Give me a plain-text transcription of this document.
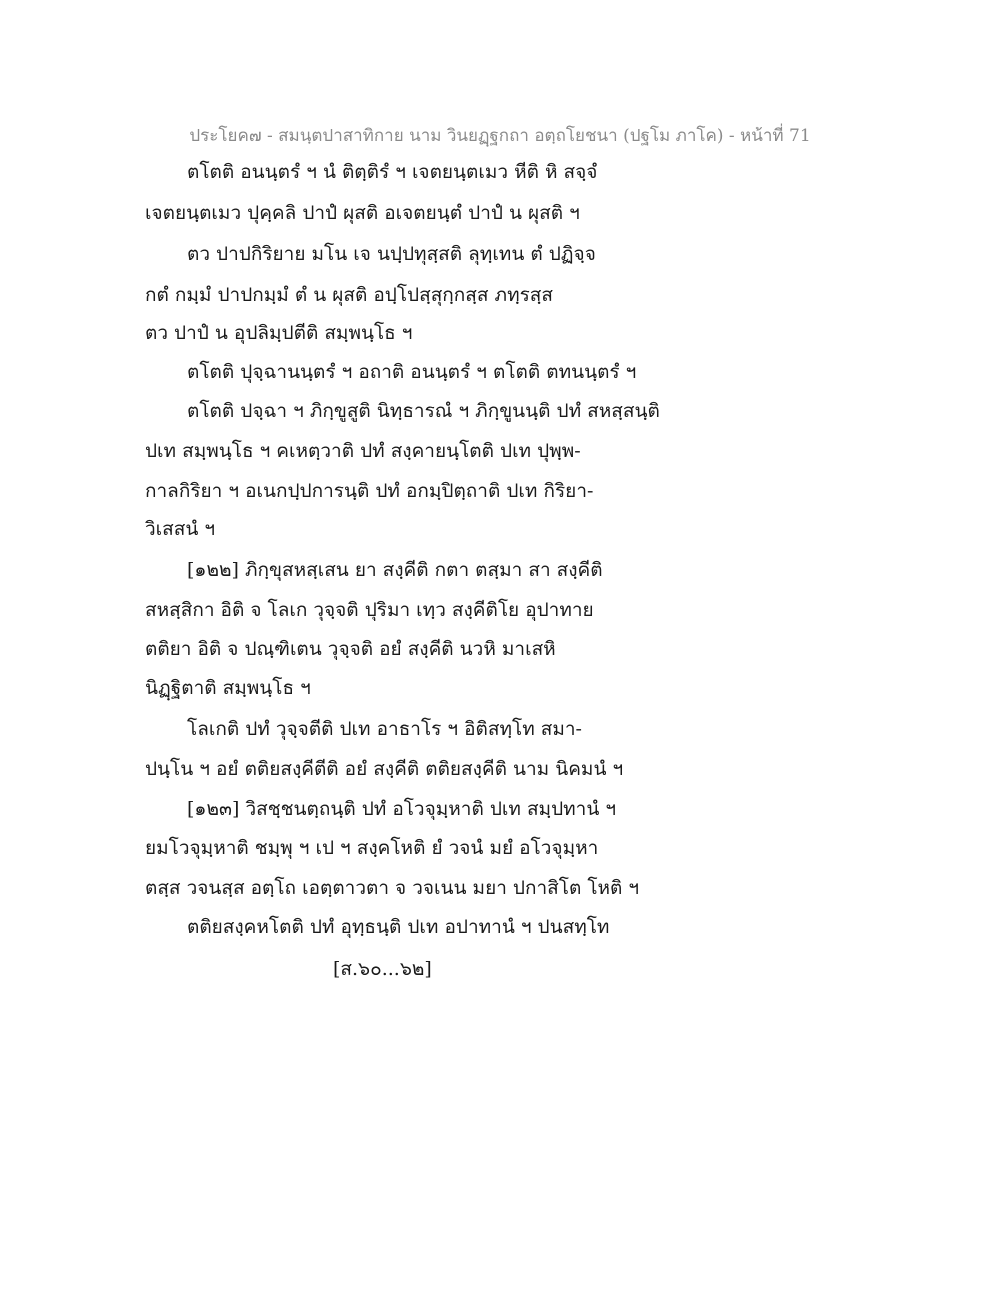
ประโยค๗ - สมนฺตปาสาทิกาย นาม วินยฏฺฐกถา อตฺถโยชนา (ปฐโม ภาโค) - หน้าที่ 71
ตโตติ อนนฺตรํ ฯ นํ ติตฺติรํ ฯ เจตยนฺตเมว หีติ หิ สจฺจํ
เจตยนฺตเมว ปุคฺคลิ ปาปํ ผุสติ อเจตยนฺตํ ปาปํ น ผุสติ ฯ
ตว ปาปกิริยาย มโน เจ นปฺปทุสฺสติ ลุทฺเทน ตํ ปฏิจฺจ
กตํ กมฺมํ ปาปกมฺมํ ตํ น ผุสติ อปฺโปสฺสุกฺกสฺส ภทฺรสฺส
ตว ปาปํ น อุปลิมฺปตีติ สมฺพนฺโธ ฯ
ตโตติ ปุจฺฉานนฺตรํ ฯ อถาติ อนนฺตรํ ฯ ตโตติ ตทนนฺตรํ ฯ
ตโตติ ปจฺฉา ฯ ภิกฺขูสูติ นิทฺธารณํ ฯ ภิกฺขูนนฺติ ปทํ สหสฺสนฺติ
ปเท สมฺพนฺโธ ฯ คเหตฺวาติ ปทํ สงฺคายนฺโตติ ปเท ปุพฺพ-
กาลกิริยา ฯ อเนกปฺปการนฺติ ปทํ อกมฺปิตฺถาติ ปเท กิริยา-
วิเสสนํ ฯ
[๑๒๒] ภิกฺขุสหสฺเสน ยา สงฺคีติ กตา ตสฺมา สา สงฺคีติ
สหสฺสิกา อิติ จ โลเก วุจฺจติ ปุริมา เทฺว สงฺคีติโย อุปาทาย
ตติยา อิติ จ ปณฺฑิเตน วุจฺจติ อยํ สงฺคีติ นวหิ มาเสหิ
นิฏฺฐิตาติ สมฺพนฺโธ ฯ
โลเกติ ปทํ วุจฺจตีติ ปเท อาธาโร ฯ อิติสทฺโท สมา-
ปนฺโน ฯ อยํ ตติยสงฺคีตีติ อยํ สงฺคีติ ตติยสงฺคีติ นาม นิคมนํ ฯ
[๑๒๓] วิสชฺชนตฺถนฺติ ปทํ อโวจุมฺหาติ ปเท สมฺปทานํ ฯ
ยมโวจุมฺหาติ ชมฺพุ ฯ เป ฯ สงฺคโหติ ยํ วจนํ มยํ อโวจุมฺหา
ตสฺส วจนสฺส อตฺโถ เอตฺตาวตา จ วจเนน มยา ปกาสิโต โหติ ฯ
ตติยสงฺคหโตติ ปทํ อุทฺธนฺติ ปเท อปาทานํ ฯ ปนสทฺโท
[ส.๖๐...๖๒]
